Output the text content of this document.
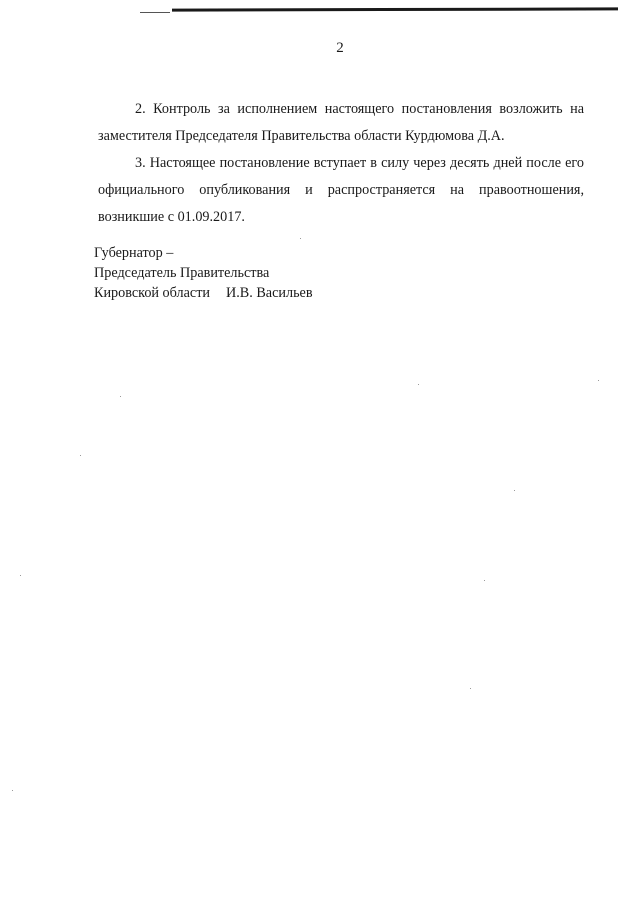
2

2. Контроль за исполнением настоящего постановления возложить на заместителя Председателя Правительства области Курдюмова Д.А.

3. Настоящее постановление вступает в силу через десять дней после его официального опубликования и распространяется на правоотношения, возникшие с 01.09.2017.

Губернатор –
Председатель Правительства
Кировской области И.В. Васильев
